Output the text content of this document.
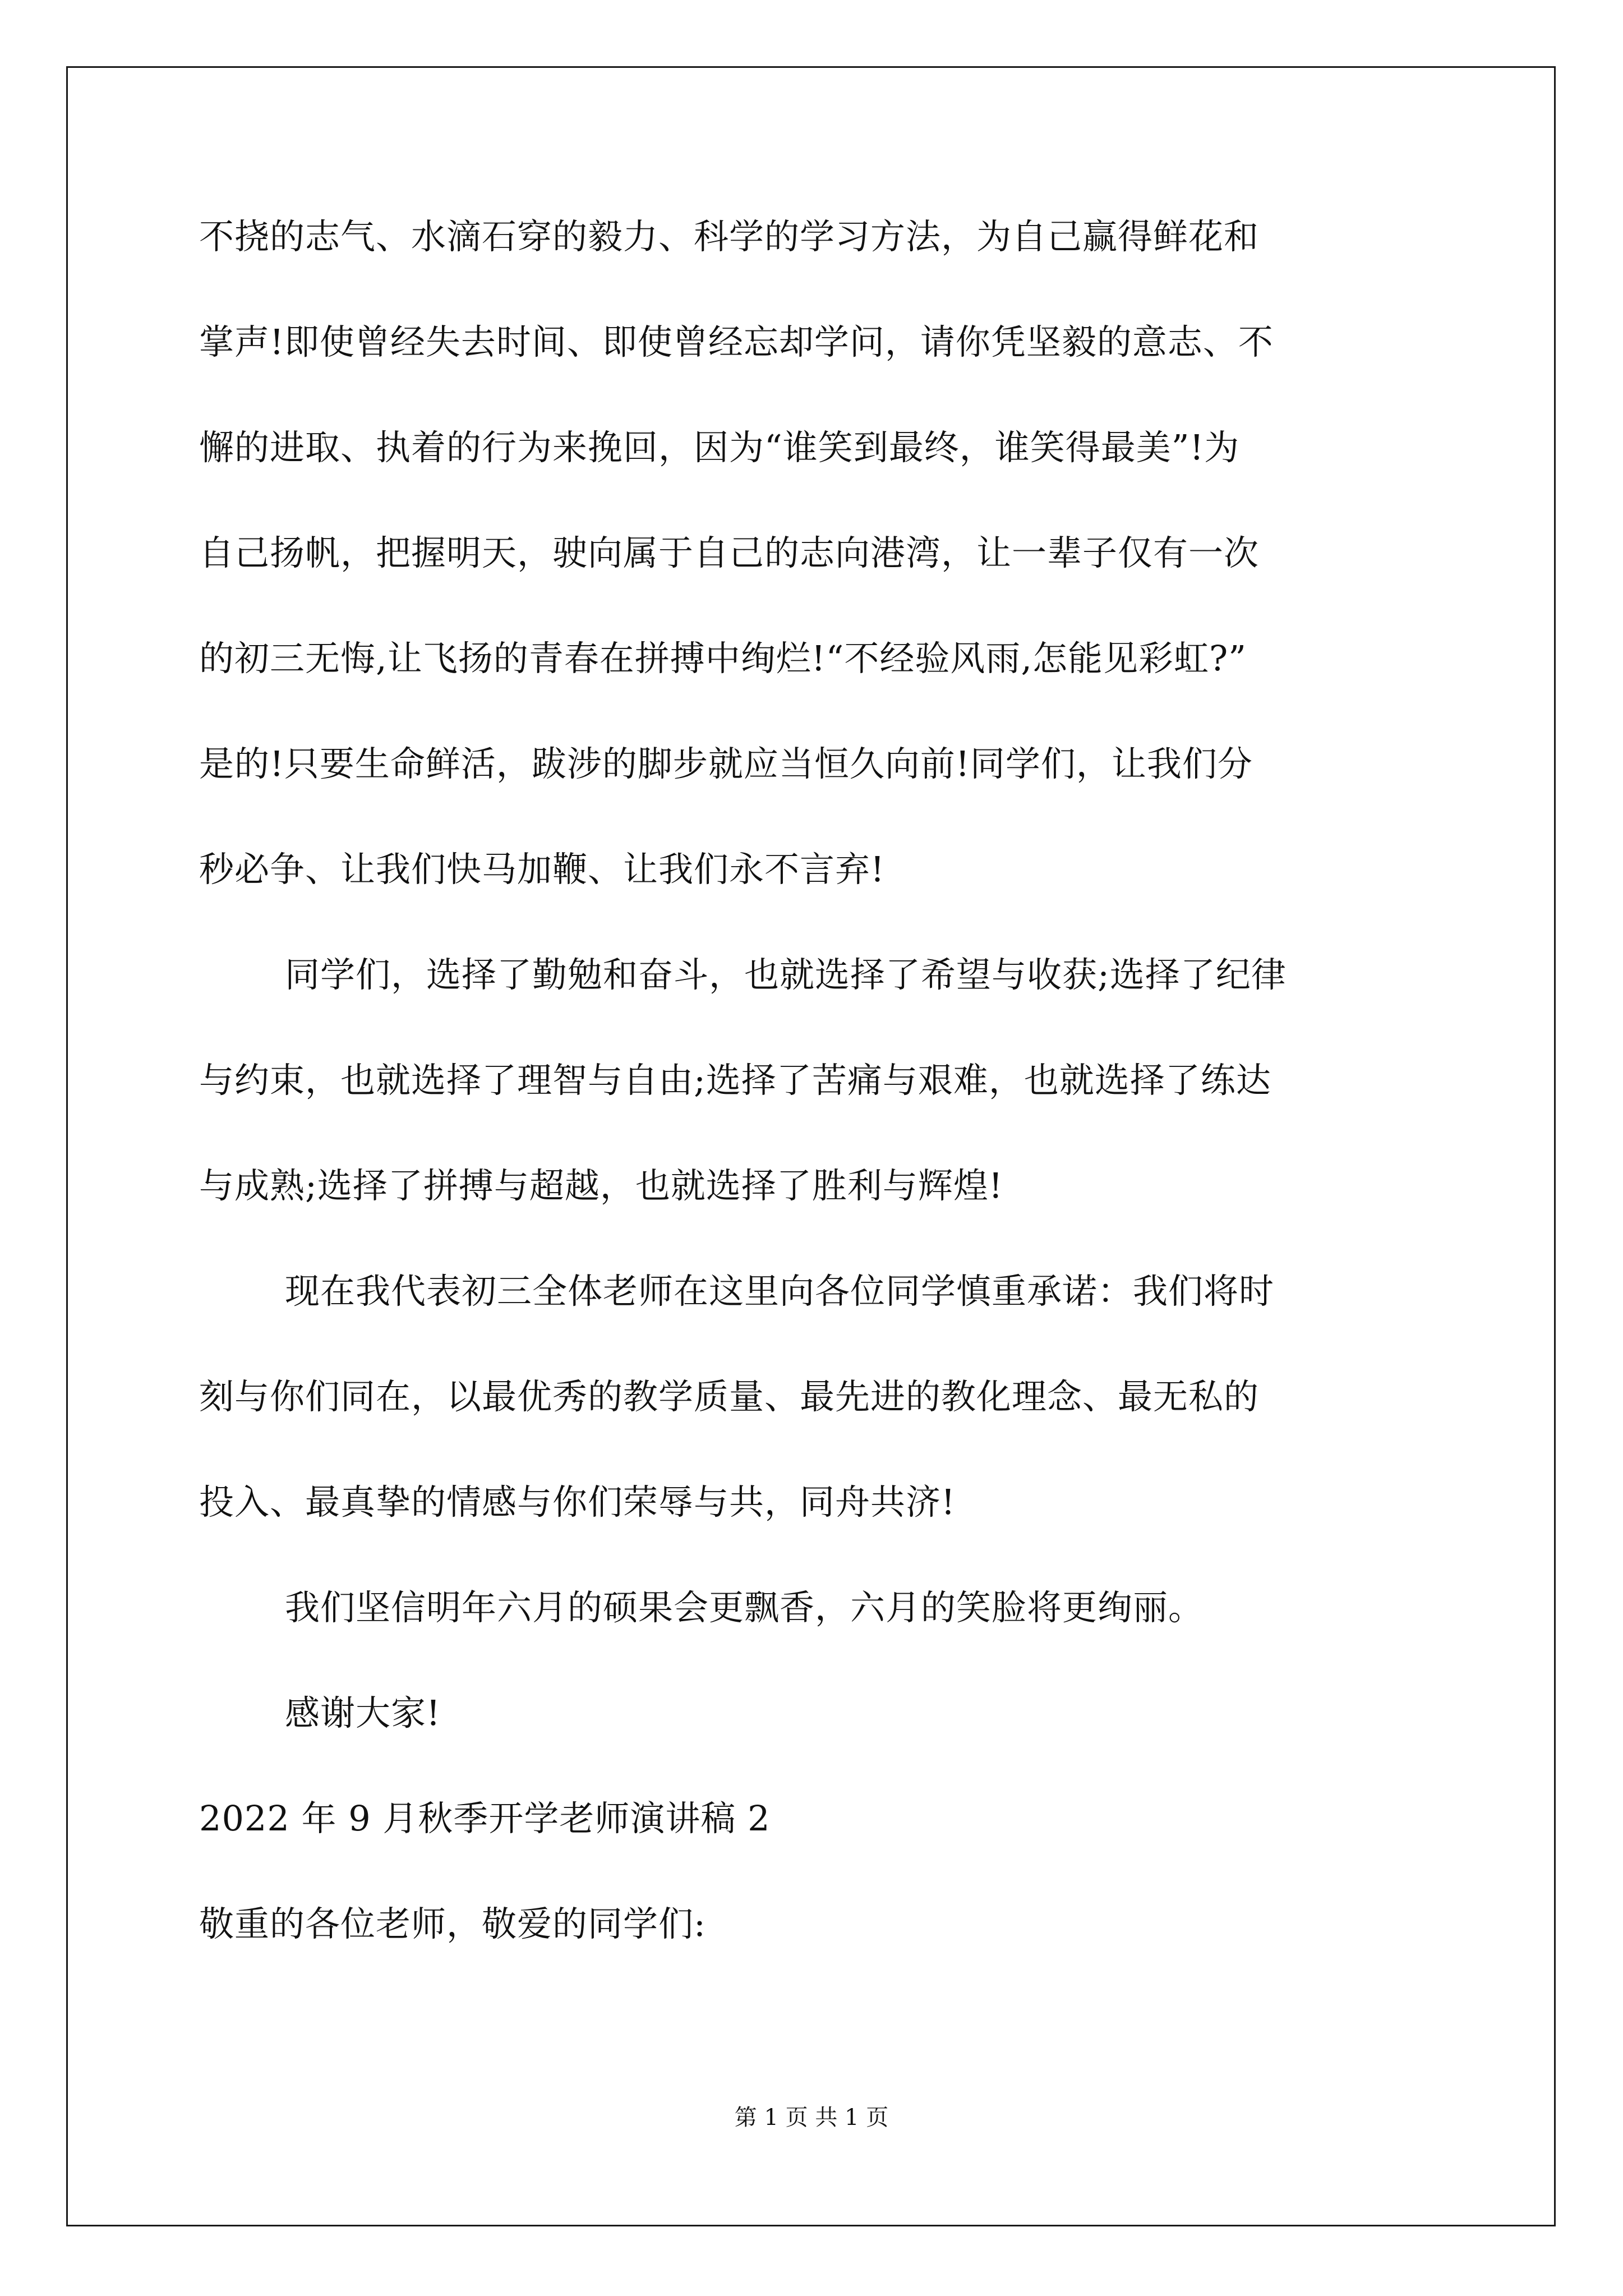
不挠的志气、水滴石穿的毅力、科学的学习方法，为自己赢得鲜花和

掌声!即使曾经失去时间、即使曾经忘却学问，请你凭坚毅的意志、不

懈的进取、执着的行为来挽回，因为“谁笑到最终，谁笑得最美”!为

自己扬帆，把握明天，驶向属于自己的志向港湾，让一辈子仅有一次

的初三无悔,让飞扬的青春在拼搏中绚烂!“不经验风雨,怎能见彩虹?”

是的!只要生命鲜活，跋涉的脚步就应当恒久向前!同学们，让我们分

秒必争、让我们快马加鞭、让我们永不言弃!

同学们，选择了勤勉和奋斗，也就选择了希望与收获;选择了纪律

与约束，也就选择了理智与自由;选择了苦痛与艰难，也就选择了练达

与成熟;选择了拼搏与超越，也就选择了胜利与辉煌!

现在我代表初三全体老师在这里向各位同学慎重承诺：我们将时

刻与你们同在，以最优秀的教学质量、最先进的教化理念、最无私的

投入、最真挚的情感与你们荣辱与共，同舟共济!

我们坚信明年六月的硕果会更飘香，六月的笑脸将更绚丽。

感谢大家!

2022 年 9 月秋季开学老师演讲稿 2

敬重的各位老师，敬爱的同学们:

第 1 页 共 1 页
